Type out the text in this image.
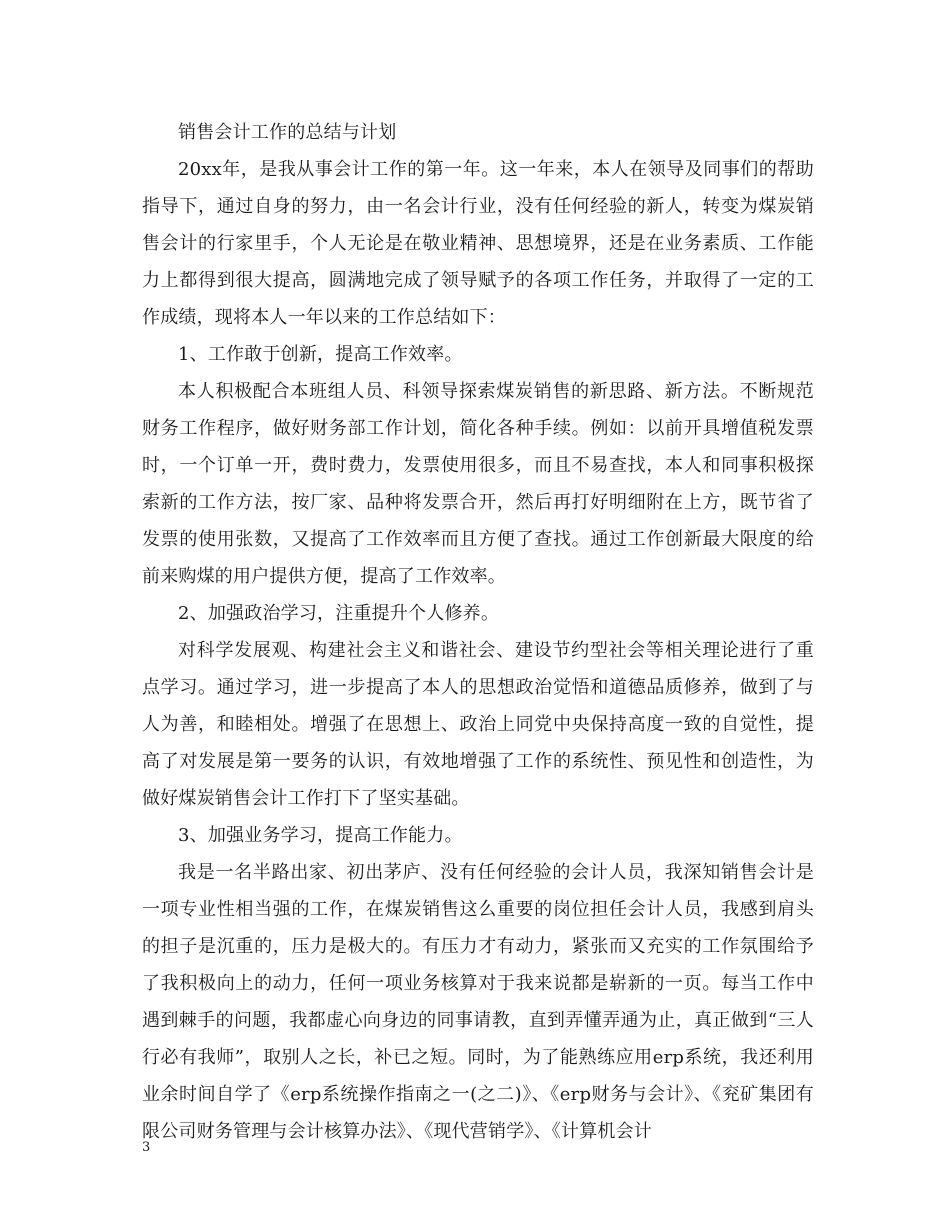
销售会计工作的总结与计划

20xx年，是我从事会计工作的第一年。这一年来，本人在领导及同事们的帮助指导下，通过自身的努力，由一名会计行业，没有任何经验的新人，转变为煤炭销售会计的行家里手，个人无论是在敬业精神、思想境界，还是在业务素质、工作能力上都得到很大提高，圆满地完成了领导赋予的各项工作任务，并取得了一定的工作成绩，现将本人一年以来的工作总结如下：

1、工作敢于创新，提高工作效率。

本人积极配合本班组人员、科领导探索煤炭销售的新思路、新方法。不断规范财务工作程序，做好财务部工作计划，简化各种手续。例如：以前开具增值税发票时，一个订单一开，费时费力，发票使用很多，而且不易查找，本人和同事积极探索新的工作方法，按厂家、品种将发票合开，然后再打好明细附在上方，既节省了发票的使用张数，又提高了工作效率而且方便了查找。通过工作创新最大限度的给前来购煤的用户提供方便，提高了工作效率。

2、加强政治学习，注重提升个人修养。

对科学发展观、构建社会主义和谐社会、建设节约型社会等相关理论进行了重点学习。通过学习，进一步提高了本人的思想政治觉悟和道德品质修养，做到了与人为善，和睦相处。增强了在思想上、政治上同党中央保持高度一致的自觉性，提高了对发展是第一要务的认识，有效地增强了工作的系统性、预见性和创造性，为做好煤炭销售会计工作打下了坚实基础。

3、加强业务学习，提高工作能力。

我是一名半路出家、初出茅庐、没有任何经验的会计人员，我深知销售会计是一项专业性相当强的工作，在煤炭销售这么重要的岗位担任会计人员，我感到肩头的担子是沉重的，压力是极大的。有压力才有动力，紧张而又充实的工作氛围给予了我积极向上的动力，任何一项业务核算对于我来说都是崭新的一页。每当工作中遇到棘手的问题，我都虚心向身边的同事请教，直到弄懂弄通为止，真正做到“三人行必有我师”，取别人之长，补已之短。同时，为了能熟练应用erp系统，我还利用业余时间自学了《erp系统操作指南之一(之二)》、《erp财务与会计》、《兖矿集团有限公司财务管理与会计核算办法》、《现代营销学》、《计算机会计

3
